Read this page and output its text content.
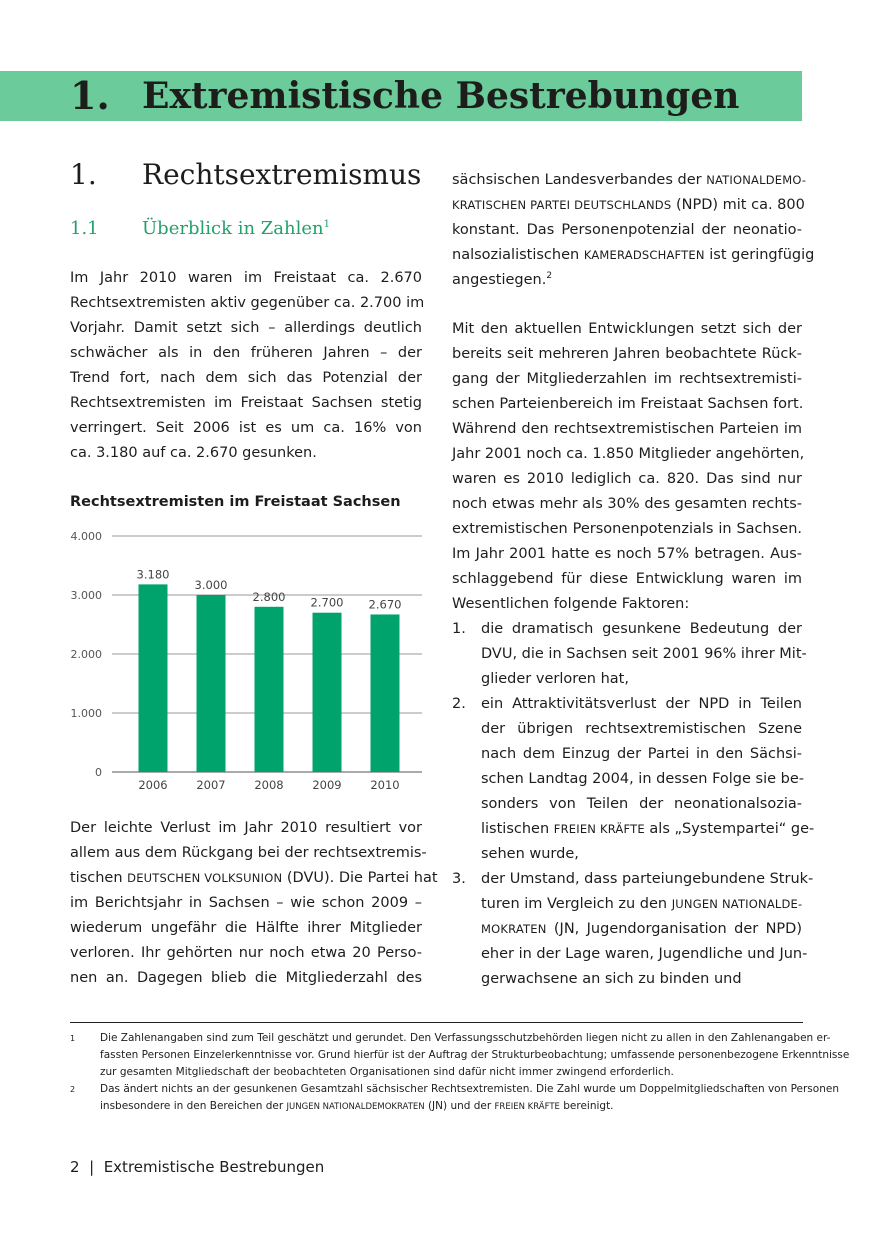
1. Extremistische Bestrebungen
1. Rechtsextremismus
1.1 Überblick in Zahlen$^1$
Im Jahr 2010 waren im Freistaat ca. 2.670
Rechtsextremisten aktiv gegenüber ca. 2.700 im
Vorjahr. Damit setzt sich – allerdings deutlich
schwächer als in den früheren Jahren – der
Trend fort, nach dem sich das Potenzial der
Rechtsextremisten im Freistaat Sachsen stetig
verringert. Seit 2006 ist es um ca. 16% von
ca. 3.180 auf ca. 2.670 gesunken.
Rechtsextremisten im Freistaat Sachsen
0
1.000
2.000
3.000
4.000
3.180
2006
3.000
2007
2.800
2008
2.700
2009
2.670
2010
Der leichte Verlust im Jahr 2010 resultiert vor
allem aus dem Rückgang bei der rechtsextremis-
tischen DEUTSCHEN VOLKSUNION (DVU). Die Partei hat
im Berichtsjahr in Sachsen – wie schon 2009 –
wiederum ungefähr die Hälfte ihrer Mitglieder
verloren. Ihr gehörten nur noch etwa 20 Perso-
nen an. Dagegen blieb die Mitgliederzahl des
sächsischen Landesverbandes der NATIONALDEMO-
KRATISCHEN PARTEI DEUTSCHLANDS (NPD) mit ca. 800
konstant. Das Personenpotenzial der neonatio-
nalsozialistischen KAMERADSCHAFTEN ist geringfügig
angestiegen.$^2$
Mit den aktuellen Entwicklungen setzt sich der
bereits seit mehreren Jahren beobachtete Rück-
gang der Mitgliederzahlen im rechtsextremisti-
schen Parteienbereich im Freistaat Sachsen fort.
Während den rechtsextremistischen Parteien im
Jahr 2001 noch ca. 1.850 Mitglieder angehörten,
waren es 2010 lediglich ca. 820. Das sind nur
noch etwas mehr als 30% des gesamten rechts-
extremistischen Personenpotenzials in Sachsen.
Im Jahr 2001 hatte es noch 57% betragen. Aus-
schlaggebend für diese Entwicklung waren im
Wesentlichen folgende Faktoren:
1. die dramatisch gesunkene Bedeutung der
DVU, die in Sachsen seit 2001 96% ihrer Mit-
glieder verloren hat,
2. ein Attraktivitätsverlust der NPD in Teilen
der übrigen rechtsextremistischen Szene
nach dem Einzug der Partei in den Sächsi-
schen Landtag 2004, in dessen Folge sie be-
sonders von Teilen der neonationalsozia-
listischen FREIEN KRÄFTE als „Systempartei“ ge-
sehen wurde,
3. der Umstand, dass parteiungebundene Struk-
turen im Vergleich zu den JUNGEN NATIONALDE-
MOKRATEN (JN, Jugendorganisation der NPD)
eher in der Lage waren, Jugendliche und Jun-
gerwachsene an sich zu binden und
1 Die Zahlenangaben sind zum Teil geschätzt und gerundet. Den Verfassungsschutzbehörden liegen nicht zu allen in den Zahlenangaben er-
fassten Personen Einzelerkenntnisse vor. Grund hierfür ist der Auftrag der Strukturbeobachtung; umfassende personenbezogene Erkenntnisse
zur gesamten Mitgliedschaft der beobachteten Organisationen sind dafür nicht immer zwingend erforderlich.
2 Das ändert nichts an der gesunkenen Gesamtzahl sächsischer Rechtsextremisten. Die Zahl wurde um Doppelmitgliedschaften von Personen
insbesondere in den Bereichen der JUNGEN NATIONALDEMOKRATEN (JN) und der FREIEN KRÄFTE bereinigt.
2 | Extremistische Bestrebungen
